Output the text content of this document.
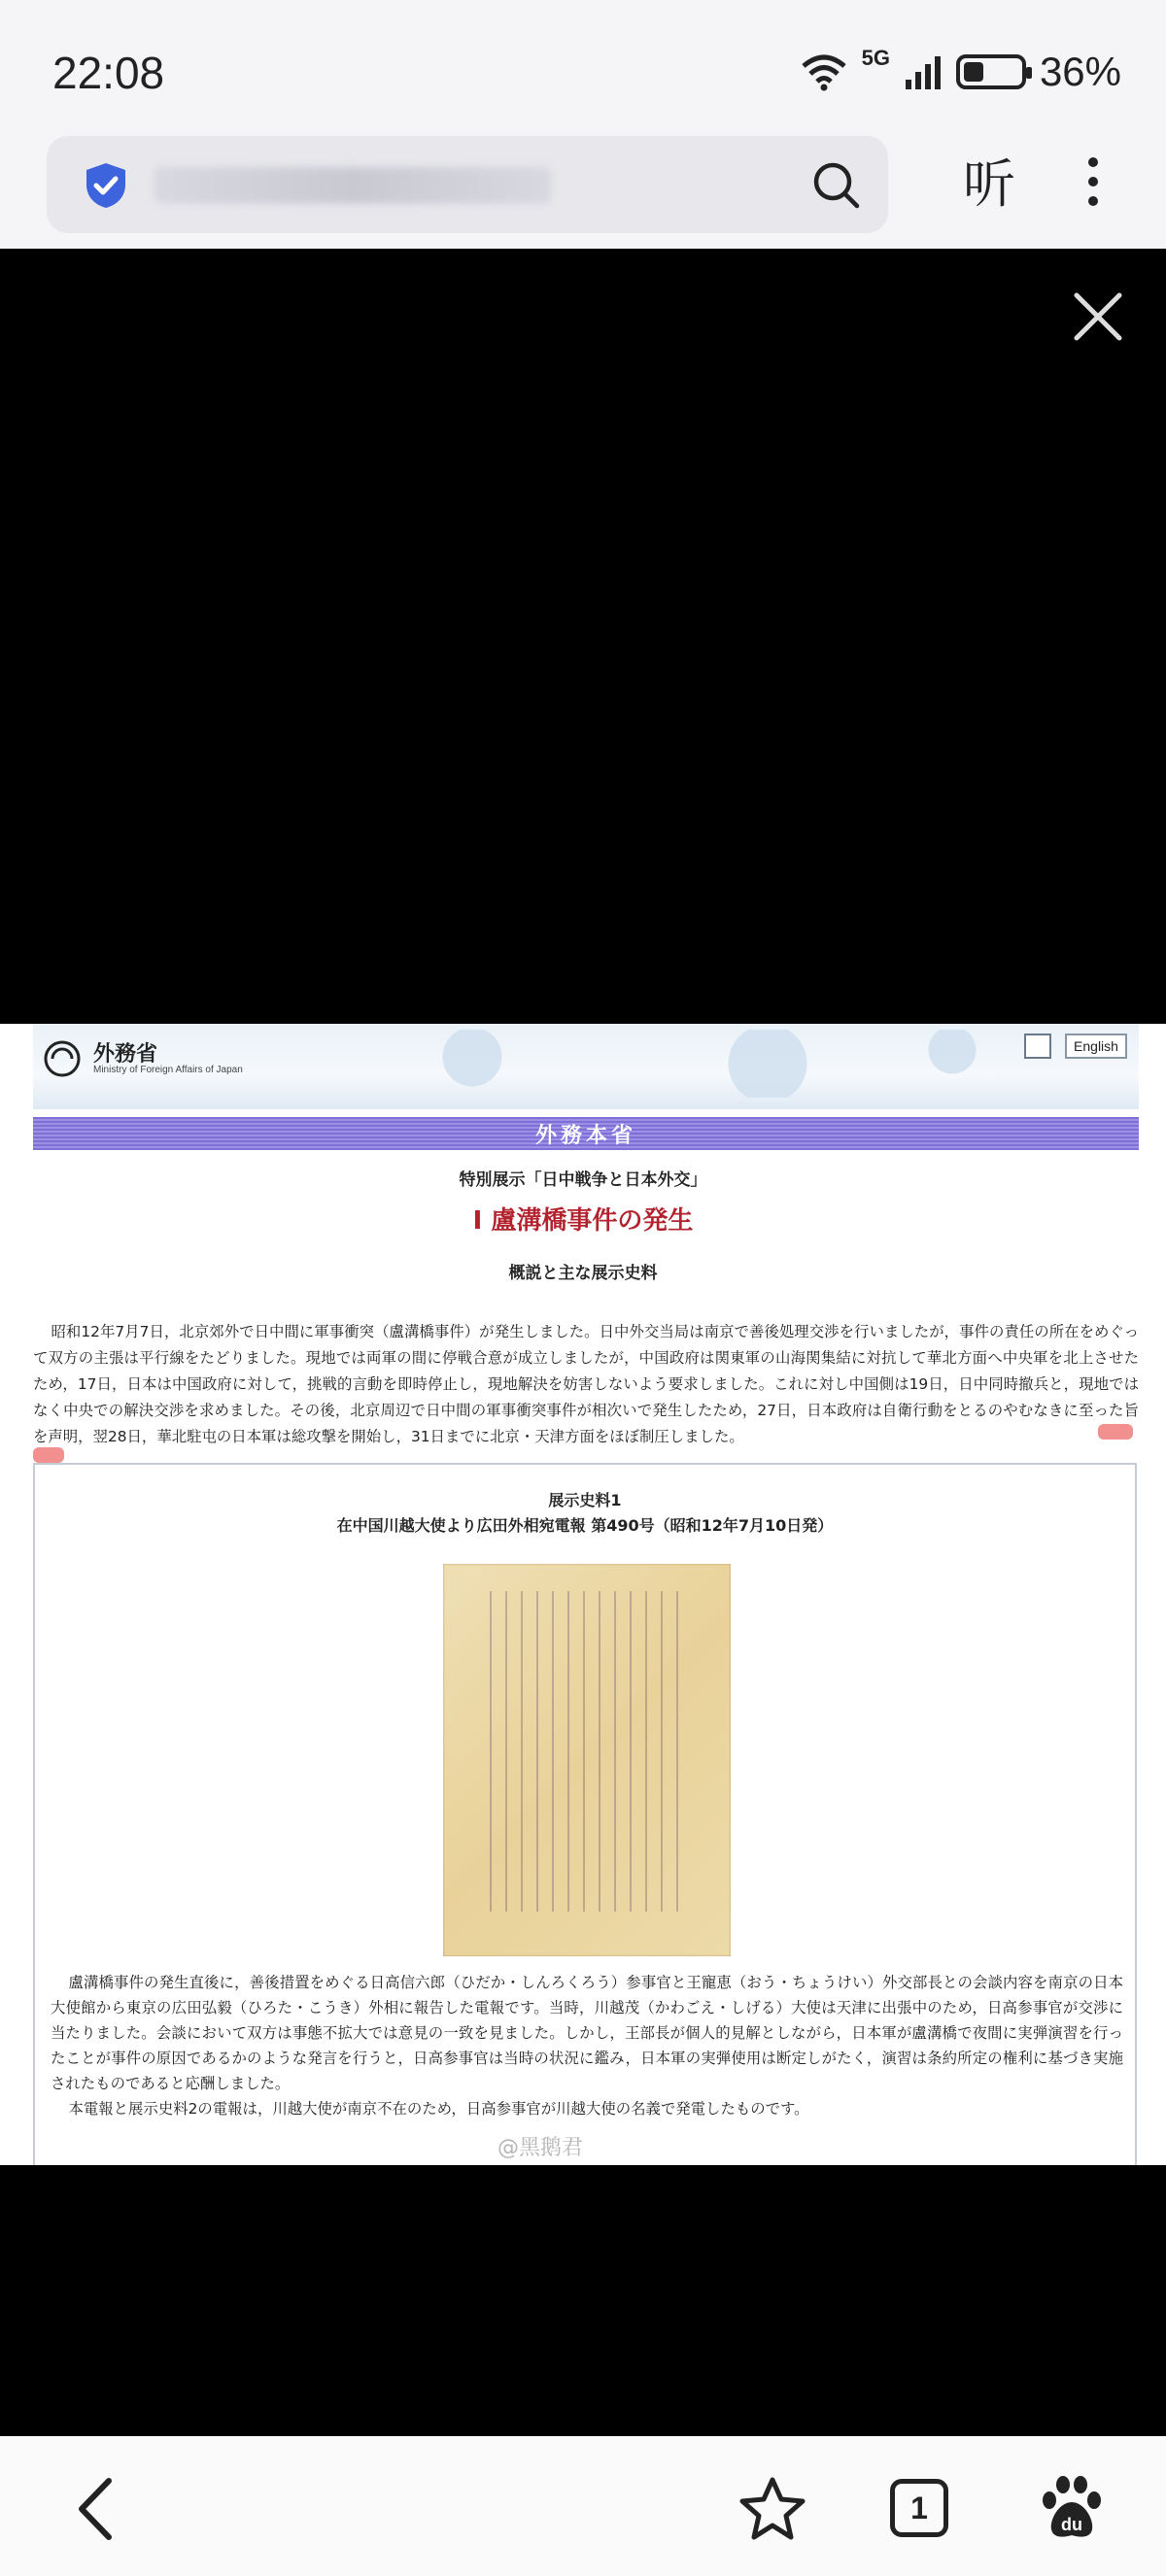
22:08	5G	36%
听
外務省
Ministry of Foreign Affairs of Japan
English
外務本省
特別展示「日中戦争と日本外交」
Ⅰ 盧溝橋事件の発生
概説と主な展示史料
昭和12年7月7日，北京郊外で日中間に軍事衝突（盧溝橋事件）が発生しました。日中外交当局は南京で善後処理交渉を行いましたが，事件の責任の所在をめぐって双方の主張は平行線をたどりました。現地では両軍の間に停戦合意が成立しましたが，中国政府は関東軍の山海関集結に対抗して華北方面へ中央軍を北上させたため，17日，日本は中国政府に対して，挑戦的言動を即時停止し，現地解決を妨害しないよう要求しました。これに対し中国側は19日，日中同時撤兵と，現地ではなく中央での解決交渉を求めました。その後，北京周辺で日中間の軍事衝突事件が相次いで発生したため，27日，日本政府は自衛行動をとるのやむなきに至った旨を声明，翌28日，華北駐屯の日本軍は総攻撃を開始し，31日までに北京・天津方面をほぼ制圧しました。
展示史料1
在中国川越大使より広田外相宛電報 第490号（昭和12年7月10日発）

盧溝橋事件の発生直後に，善後措置をめぐる日高信六郎（ひだか・しんろくろう）参事官と王寵恵（おう・ちょうけい）外交部長との会談内容を南京の日本大使館から東京の広田弘毅（ひろた・こうき）外相に報告した電報です。当時，川越茂（かわごえ・しげる）大使は天津に出張中のため，日高参事官が交渉に当たりました。会談において双方は事態不拡大では意見の一致を見ました。しかし，王部長が個人的見解としながら，日本軍が盧溝橋で夜間に実弾演習を行ったことが事件の原因であるかのような発言を行うと，日高参事官は当時の状況に鑑み，日本軍の実弾使用は断定しがたく，演習は条約所定の権利に基づき実施されたものであると応酬しました。

本電報と展示史料2の電報は，川越大使が南京不在のため，日高参事官が川越大使の名義で発電したものです。

@黑鹅君
1	du
